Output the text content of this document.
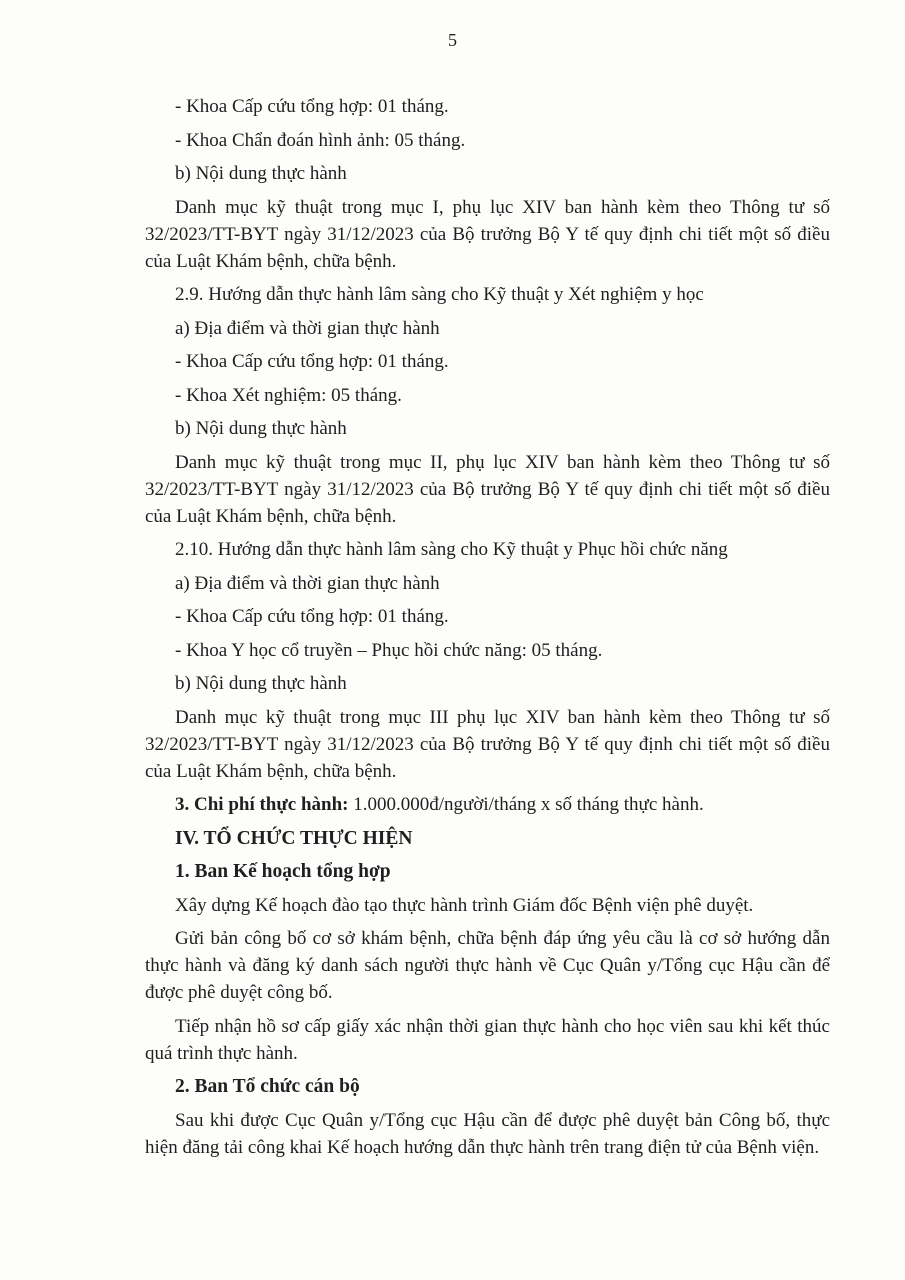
5

- Khoa Cấp cứu tổng hợp: 01 tháng.

- Khoa Chẩn đoán hình ảnh: 05 tháng.

b) Nội dung thực hành

Danh mục kỹ thuật trong mục I, phụ lục XIV ban hành kèm theo Thông tư số 32/2023/TT-BYT ngày 31/12/2023 của Bộ trưởng Bộ Y tế quy định chi tiết một số điều của Luật Khám bệnh, chữa bệnh.

2.9. Hướng dẫn thực hành lâm sàng cho Kỹ thuật y Xét nghiệm y học

a) Địa điểm và thời gian thực hành

- Khoa Cấp cứu tổng hợp: 01 tháng.

- Khoa Xét nghiệm: 05 tháng.

b) Nội dung thực hành

Danh mục kỹ thuật trong mục II, phụ lục XIV ban hành kèm theo Thông tư số 32/2023/TT-BYT ngày 31/12/2023 của Bộ trưởng Bộ Y tế quy định chi tiết một số điều của Luật Khám bệnh, chữa bệnh.

2.10. Hướng dẫn thực hành lâm sàng cho Kỹ thuật y Phục hồi chức năng

a) Địa điểm và thời gian thực hành

- Khoa Cấp cứu tổng hợp: 01 tháng.

- Khoa Y học cổ truyền – Phục hồi chức năng: 05 tháng.

b) Nội dung thực hành

Danh mục kỹ thuật trong mục III phụ lục XIV ban hành kèm theo Thông tư số 32/2023/TT-BYT ngày 31/12/2023 của Bộ trưởng Bộ Y tế quy định chi tiết một số điều của Luật Khám bệnh, chữa bệnh.

3. Chi phí thực hành: 1.000.000đ/người/tháng x số tháng thực hành.

IV. TỔ CHỨC THỰC HIỆN

1. Ban Kế hoạch tổng hợp

Xây dựng Kế hoạch đào tạo thực hành trình Giám đốc Bệnh viện phê duyệt.

Gửi bản công bố cơ sở khám bệnh, chữa bệnh đáp ứng yêu cầu là cơ sở hướng dẫn thực hành và đăng ký danh sách người thực hành về Cục Quân y/Tổng cục Hậu cần để được phê duyệt công bố.

Tiếp nhận hồ sơ cấp giấy xác nhận thời gian thực hành cho học viên sau khi kết thúc quá trình thực hành.

2. Ban Tổ chức cán bộ

Sau khi được Cục Quân y/Tổng cục Hậu cần để được phê duyệt bản Công bố, thực hiện đăng tải công khai Kế hoạch hướng dẫn thực hành trên trang điện tử của Bệnh viện.
